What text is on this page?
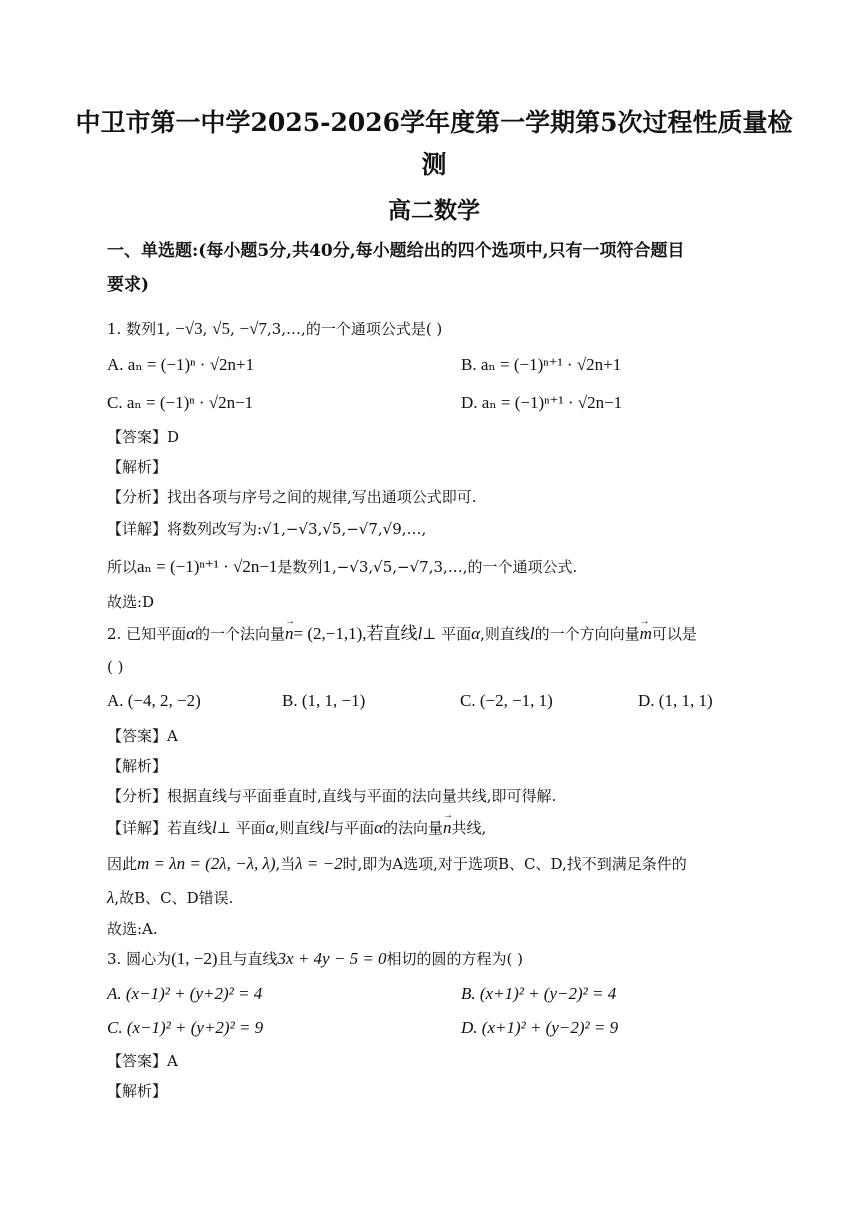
中卫市第一中学2025-2026学年度第一学期第5次过程性质量检
测
高二数学
一、单选题:(每小题5分,共40分,每小题给出的四个选项中,只有一项符合题目
要求)
1. 数列1, −√3, √5, −√7,3,…,的一个通项公式是( )
A. aₙ = (−1)ⁿ · √2n+1	B. aₙ = (−1)ⁿ⁺¹ · √2n+1
C. aₙ = (−1)ⁿ · √2n−1	D. aₙ = (−1)ⁿ⁺¹ · √2n−1
【答案】D
【解析】
【分析】找出各项与序号之间的规律,写出通项公式即可.
【详解】将数列改写为:√1,−√3,√5,−√7,√9,…,
所以aₙ = (−1)ⁿ⁺¹ · √2n−1是数列1,−√3,√5,−√7,3,…,的一个通项公式.
故选:D
2. 已知平面α的一个法向量→ n= (2,−1,1),若直线l⊥ 平面α,则直线l的一个方向向量→ m可以是
( )
A. (−4, 2, −2)	B. (1, 1, −1)	C. (−2, −1, 1)	D. (1, 1, 1)
【答案】A
【解析】
【分析】根据直线与平面垂直时,直线与平面的法向量共线,即可得解.
【详解】若直线l⊥ 平面α,则直线l与平面α的法向量→ n共线,
因此m = λn = (2λ, −λ, λ),当λ = −2时,即为A选项,对于选项B、C、D,找不到满足条件的
λ,故B、C、D错误.
故选:A.
3. 圆心为(1, −2)且与直线3x + 4y − 5 = 0相切的圆的方程为( )
A. (x−1)² + (y+2)² = 4	B. (x+1)² + (y−2)² = 4
C. (x−1)² + (y+2)² = 9	D. (x+1)² + (y−2)² = 9
【答案】A
【解析】
